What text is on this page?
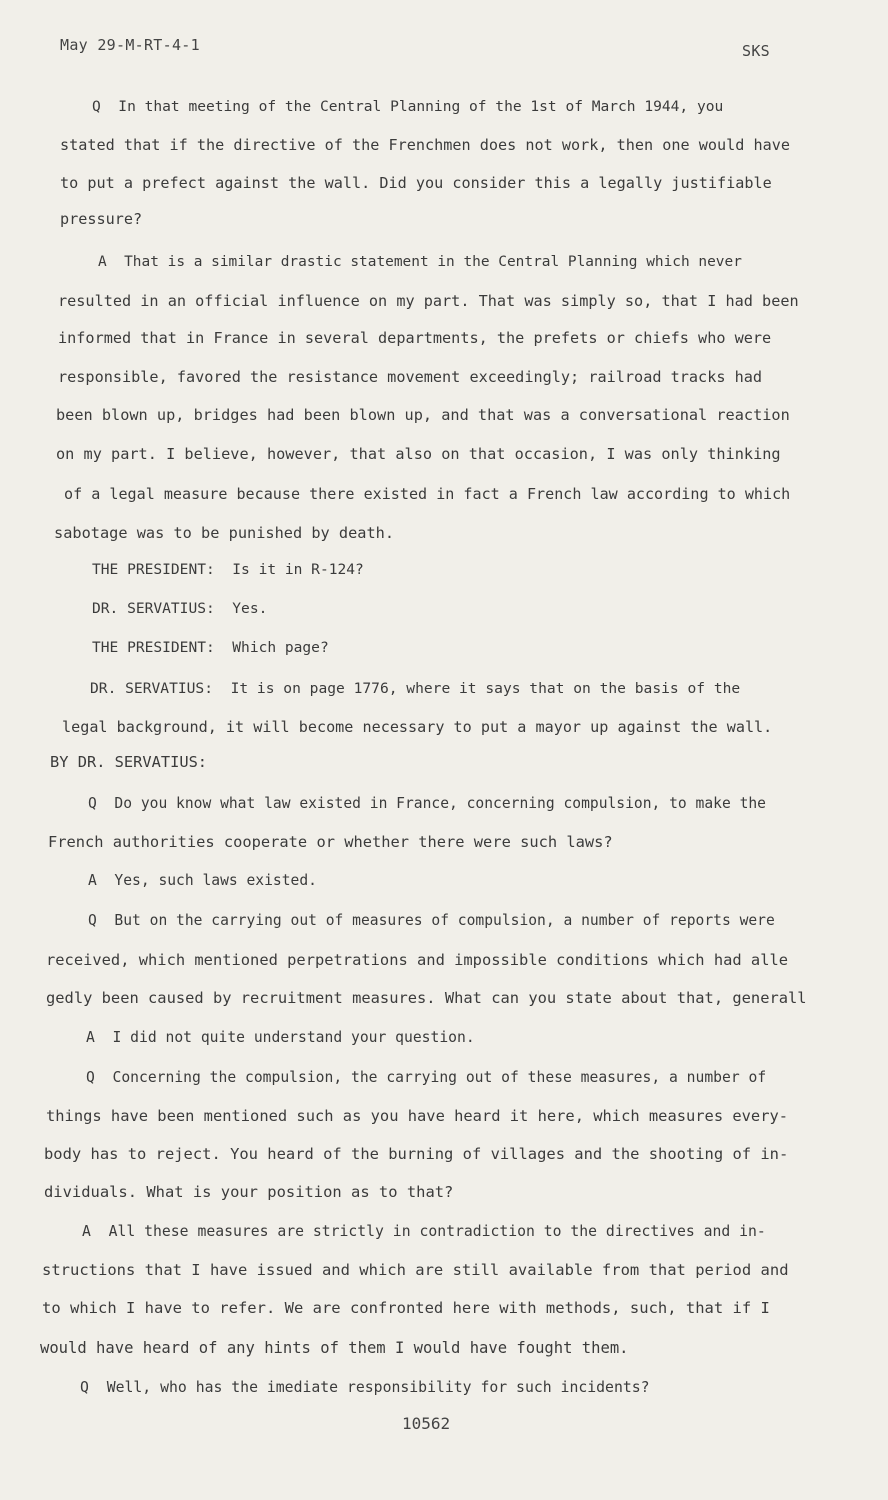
May 29-M-RT-4-1	SKS
Q  In that meeting of the Central Planning of the 1st of March 1944, you
stated that if the directive of the Frenchmen does not work, then one would have
to put a prefect against the wall. Did you consider this a legally justifiable
pressure?
A  That is a similar drastic statement in the Central Planning which never
resulted in an official influence on my part. That was simply so, that I had been
informed that in France in several departments, the prefets or chiefs who were
responsible, favored the resistance movement exceedingly; railroad tracks had
been blown up, bridges had been blown up, and that was a conversational reaction
on my part. I believe, however, that also on that occasion, I was only thinking
of a legal measure because there existed in fact a French law according to which
sabotage was to be punished by death.
THE PRESIDENT:  Is it in R-124?
DR. SERVATIUS:  Yes.
THE PRESIDENT:  Which page?
DR. SERVATIUS:  It is on page 1776, where it says that on the basis of the
legal background, it will become necessary to put a mayor up against the wall.
BY DR. SERVATIUS:
Q  Do you know what law existed in France, concerning compulsion, to make the
French authorities cooperate or whether there were such laws?
A  Yes, such laws existed.
Q  But on the carrying out of measures of compulsion, a number of reports were
received, which mentioned perpetrations and impossible conditions which had alle
gedly been caused by recruitment measures. What can you state about that, generall
A  I did not quite understand your question.
Q  Concerning the compulsion, the carrying out of these measures, a number of
things have been mentioned such as you have heard it here, which measures every-
body has to reject. You heard of the burning of villages and the shooting of in-
dividuals. What is your position as to that?
A  All these measures are strictly in contradiction to the directives and in-
structions that I have issued and which are still available from that period and
to which I have to refer. We are confronted here with methods, such, that if I
would have heard of any hints of them I would have fought them.
Q  Well, who has the imediate responsibility for such incidents?
10562
